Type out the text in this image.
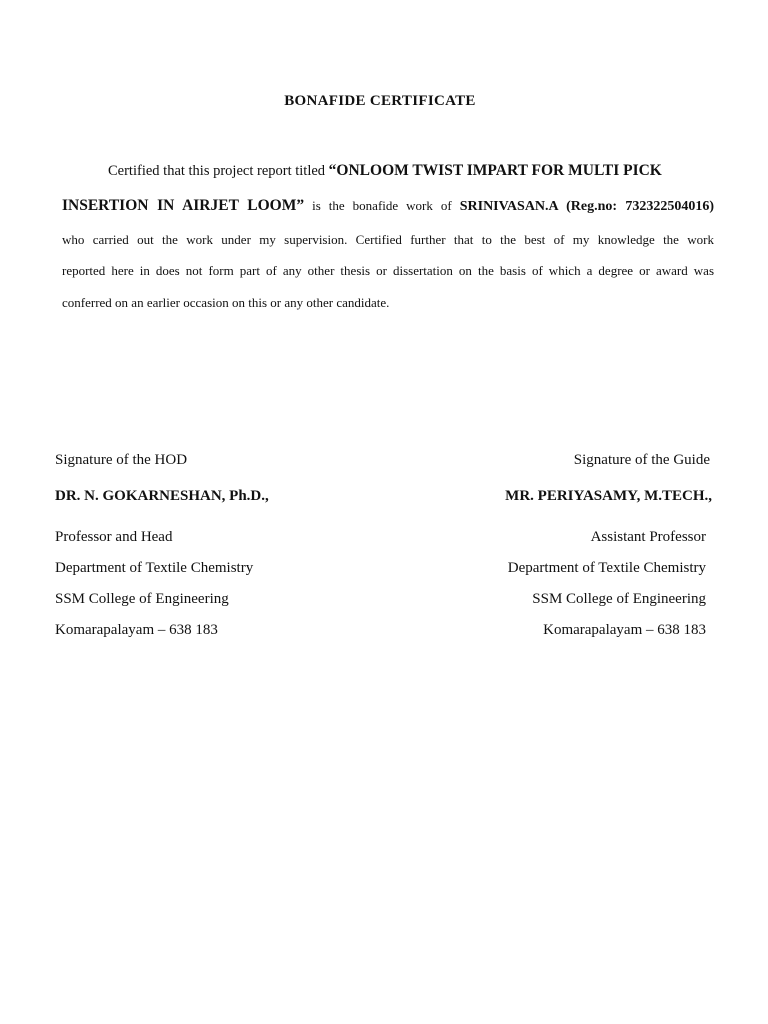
BONAFIDE CERTIFICATE
Certified that this project report titled “ONLOOM TWIST IMPART FOR MULTI PICK
INSERTION IN AIRJET LOOM” is the bonafide work of SRINIVASAN.A (Reg.no: 732322504016)
who carried out the work under my supervision. Certified further that to the best of my knowledge the work
reported here in does not form part of any other thesis or dissertation on the basis of which a degree or award was
conferred on an earlier occasion on this or any other candidate.
Signature of the HOD
DR. N. GOKARNESHAN, Ph.D.,
Professor and Head
Department of Textile Chemistry
SSM College of Engineering
Komarapalayam – 638 183
Signature of the Guide
MR. PERIYASAMY, M.TECH.,
Assistant Professor
Department of Textile Chemistry
SSM College of Engineering
Komarapalayam – 638 183
